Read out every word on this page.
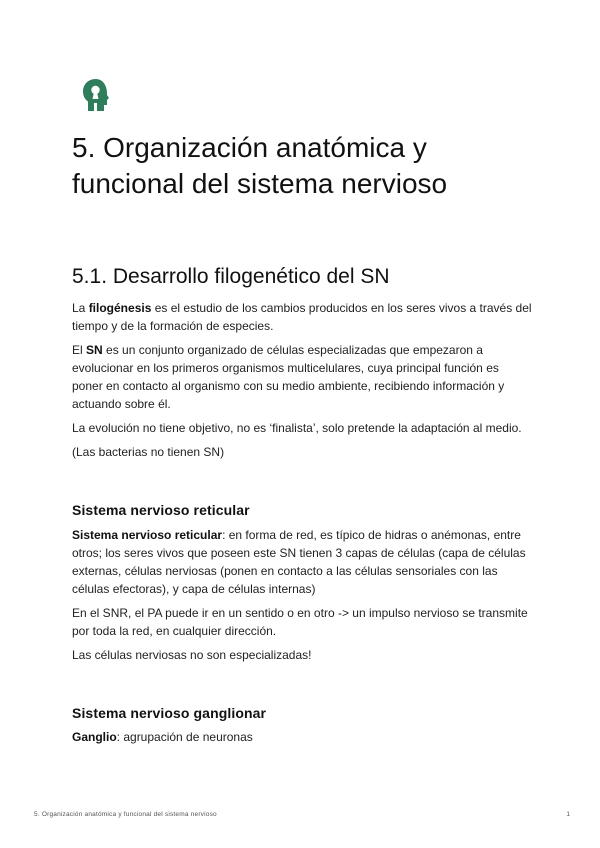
5. Organización anatómica y funcional del sistema nervioso
5.1. Desarrollo filogenético del SN

La filogénesis es el estudio de los cambios producidos en los seres vivos a través del tiempo y de la formación de especies.

El SN es un conjunto organizado de células especializadas que empezaron a evolucionar en los primeros organismos multicelulares, cuya principal función es poner en contacto al organismo con su medio ambiente, recibiendo información y actuando sobre él.

La evolución no tiene objetivo, no es ‘finalista’, solo pretende la adaptación al medio.

(Las bacterias no tienen SN)

Sistema nervioso reticular

Sistema nervioso reticular: en forma de red, es típico de hidras o anémonas, entre otros; los seres vivos que poseen este SN tienen 3 capas de células (capa de células externas, células nerviosas (ponen en contacto a las células sensoriales con las células efectoras), y capa de células internas)

En el SNR, el PA puede ir en un sentido o en otro -> un impulso nervioso se transmite por toda la red, en cualquier dirección.

Las células nerviosas no son especializadas!

Sistema nervioso ganglionar

Ganglio: agrupación de neuronas

5. Organización anatómica y funcional del sistema nervioso	1
